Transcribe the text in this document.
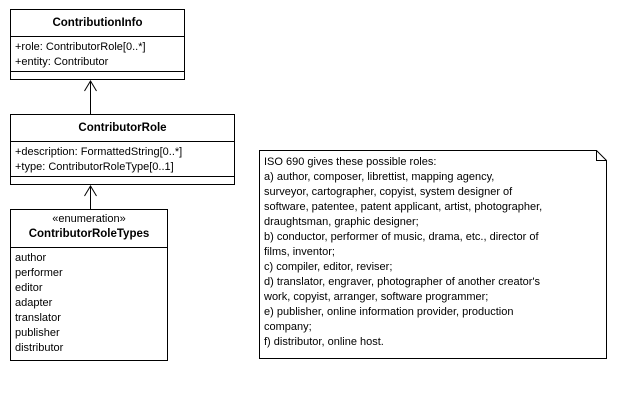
ContributionInfo
+role: ContributorRole[0..*]
+entity: Contributor
ContributorRole
+description: FormattedString[0..*]
+type: ContributorRoleType[0..1]
«enumeration»
ContributorRoleTypes
author
performer
editor
adapter
translator
publisher
distributor
ISO 690 gives these possible roles:
a) author, composer, librettist, mapping agency,
surveyor, cartographer, copyist, system designer of
software, patentee, patent applicant, artist, photographer,
draughtsman, graphic designer;
b) conductor, performer of music, drama, etc., director of
films, inventor;
c) compiler, editor, reviser;
d) translator, engraver, photographer of another creator's
work, copyist, arranger, software programmer;
e) publisher, online information provider, production
company;
f) distributor, online host.
